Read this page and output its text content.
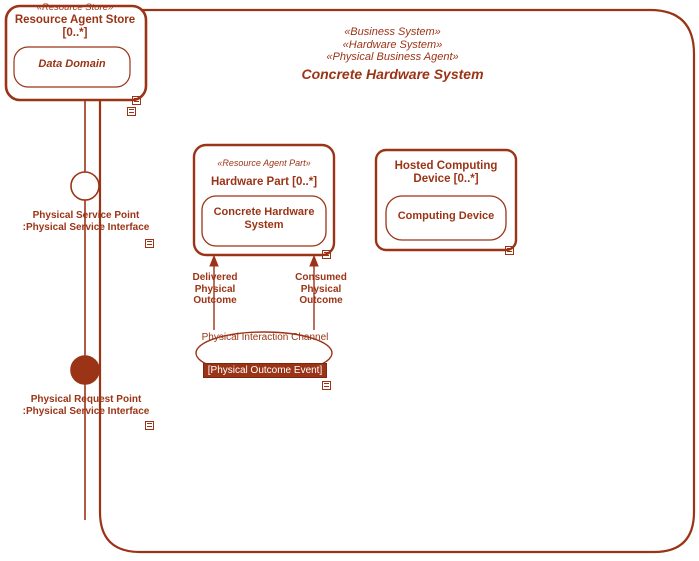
«Business System»
«Hardware System»
«Physical Business Agent»
Concrete Hardware System
«Resource Store»
Resource Agent Store [0..*]
Data Domain
«Resource Agent Part»
Hardware Part [0..*]
Concrete Hardware System
Hosted Computing Device [0..*]
Computing Device
Physical Service Point
:Physical Service Interface
Physical Request Point
:Physical Service Interface
Delivered Physical Outcome
Consumed Physical Outcome
Physical Interaction Channel
[Physical Outcome Event]
